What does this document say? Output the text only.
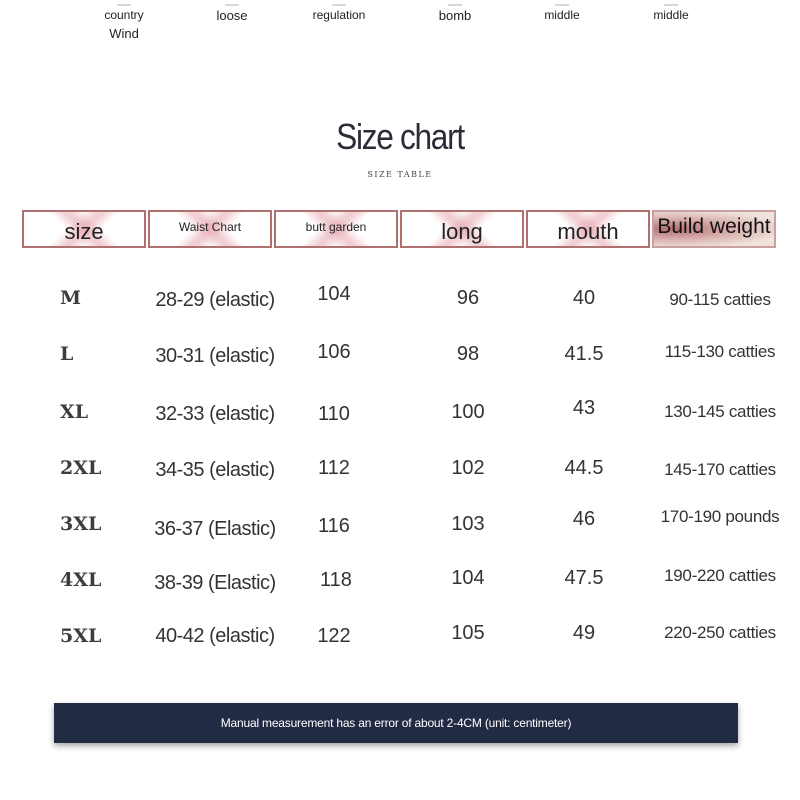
country
Wind
loose	regulation	bomb	middle	middle
Size chart
SIZE TABLE
size	Waist Chart	butt garden	long	mouth	Build weight
M	28-29 (elastic)	104	96	40	90-115 catties
L	30-31 (elastic)	106	98	41.5	115-130 catties
XL	32-33 (elastic)	110	100	43	130-145 catties
2XL	34-35 (elastic)	112	102	44.5	145-170 catties
3XL	36-37 (Elastic)	116	103	46	170-190 pounds
4XL	38-39 (Elastic)	118	104	47.5	190-220 catties
5XL	40-42 (elastic)	122	105	49	220-250 catties
Manual measurement has an error of about 2-4CM (unit: centimeter)
